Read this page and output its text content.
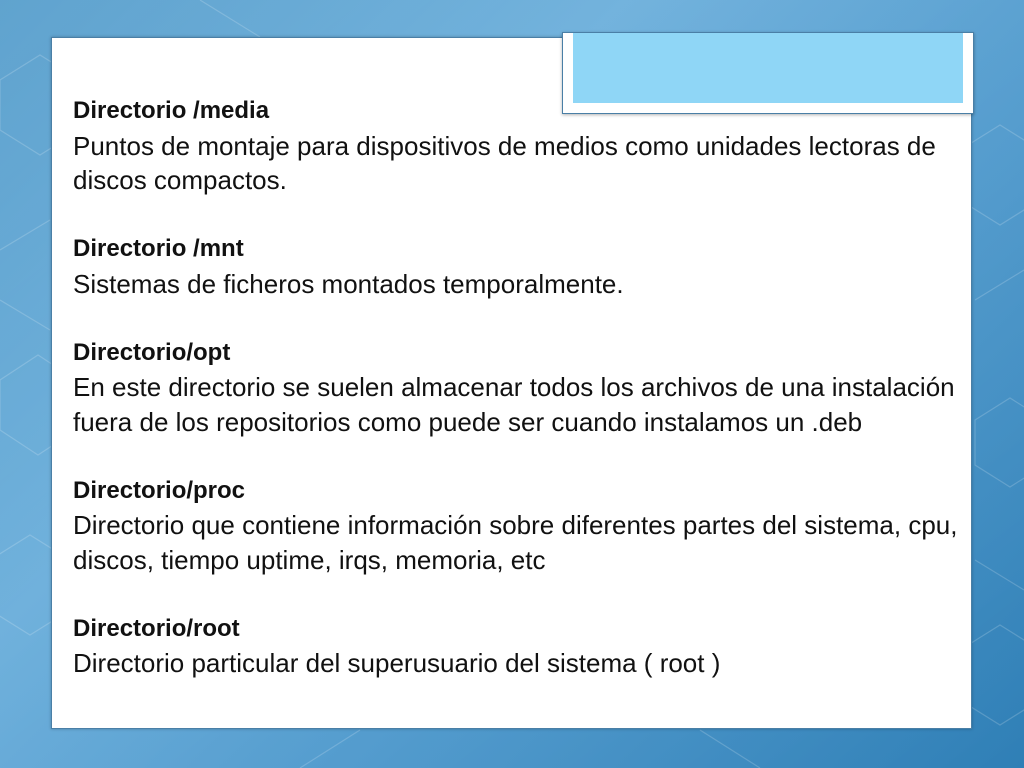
Directorio /media
Puntos de montaje para dispositivos de medios como unidades lectoras de discos compactos.
Directorio /mnt
Sistemas de ficheros montados temporalmente.
Directorio/opt
En este directorio se suelen almacenar todos los archivos de una instalación fuera de los repositorios como puede ser cuando instalamos un .deb
Directorio/proc
Directorio que contiene información sobre diferentes partes del sistema, cpu, discos, tiempo uptime, irqs, memoria, etc
Directorio/root
Directorio particular del superusuario del sistema ( root )
